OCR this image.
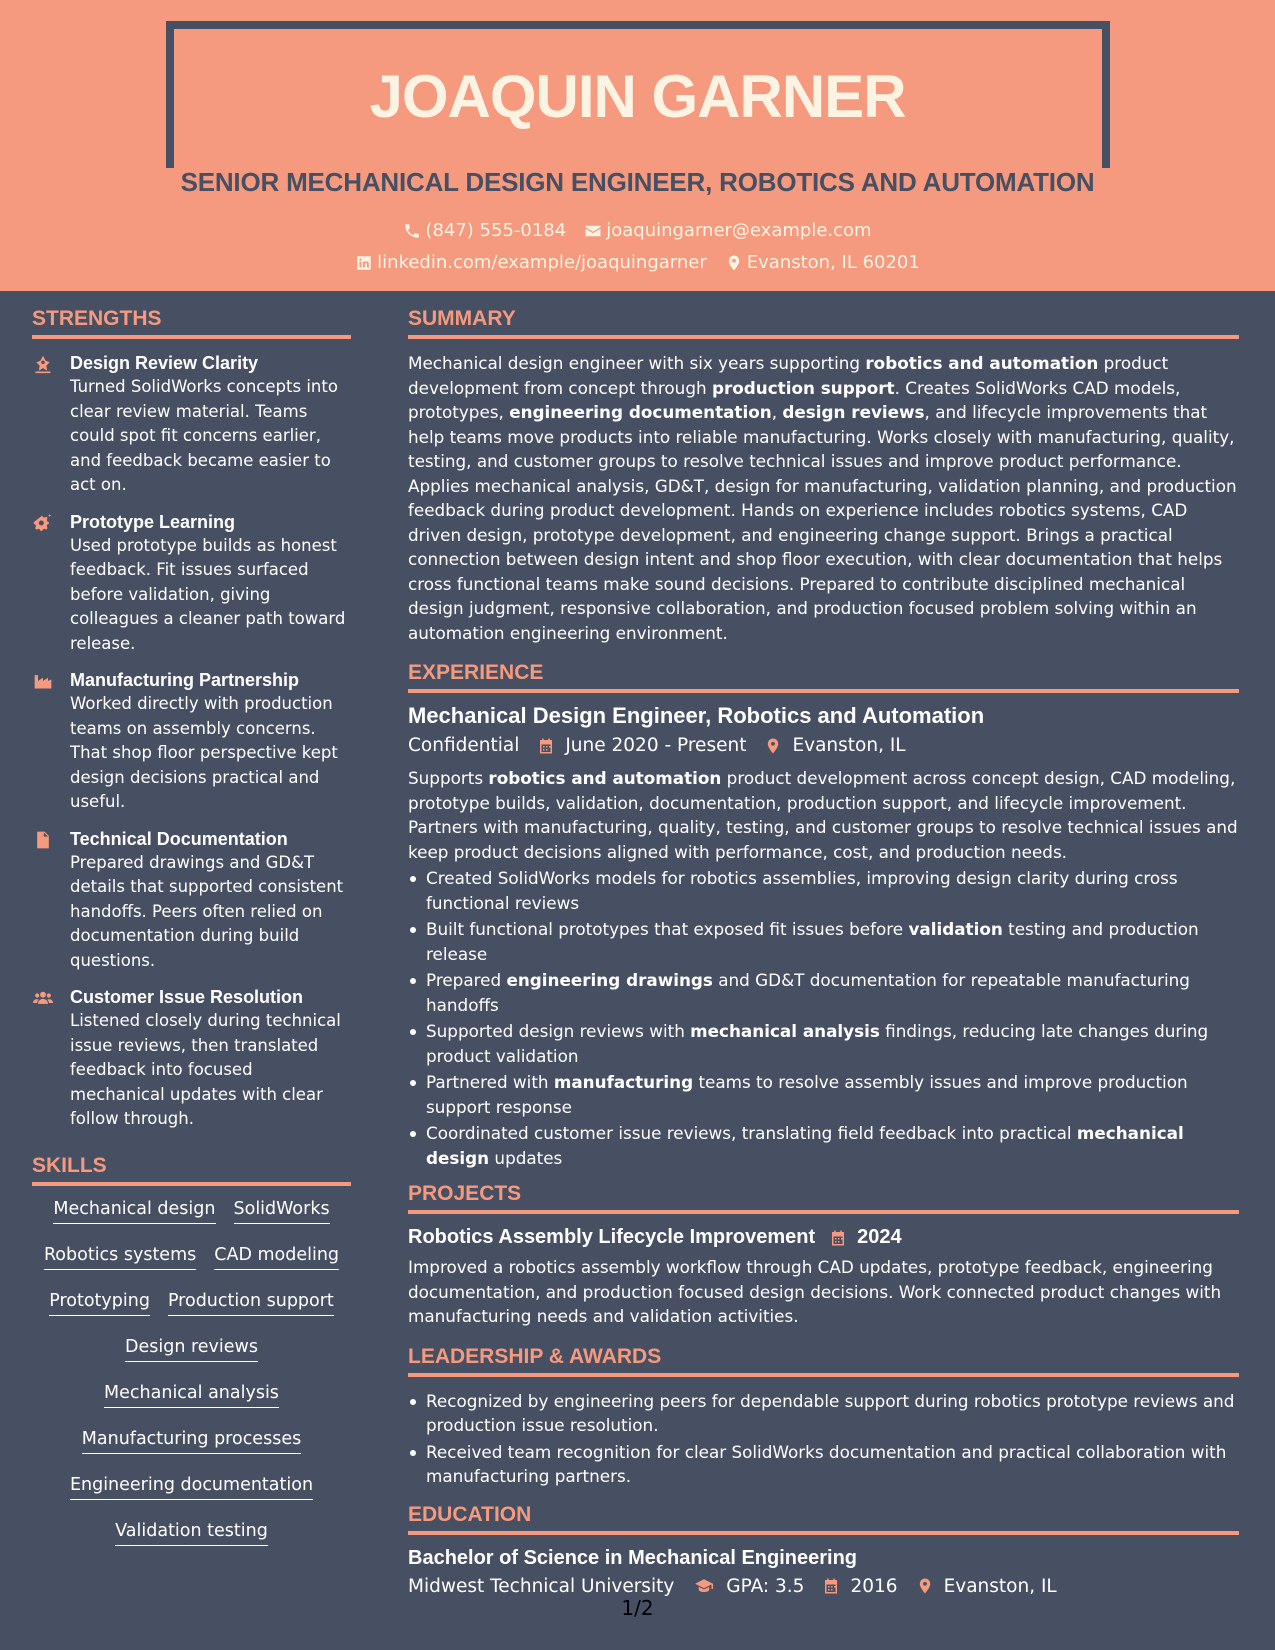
JOAQUIN GARNER
SENIOR MECHANICAL DESIGN ENGINEER, ROBOTICS AND AUTOMATION
(847) 555-0184 joaquingarner@example.com
linkedin.com/example/joaquingarner Evanston, IL 60201
STRENGTHS
Design Review Clarity
Turned SolidWorks concepts into clear review material. Teams could spot fit concerns earlier, and feedback became easier to act on.
Prototype Learning
Used prototype builds as honest feedback. Fit issues surfaced before validation, giving colleagues a cleaner path toward release.
Manufacturing Partnership
Worked directly with production teams on assembly concerns. That shop floor perspective kept design decisions practical and useful.
Technical Documentation
Prepared drawings and GD&T details that supported consistent handoffs. Peers often relied on documentation during build questions.
Customer Issue Resolution
Listened closely during technical issue reviews, then translated feedback into focused mechanical updates with clear follow through.
SKILLS
Mechanical design SolidWorks
Robotics systems CAD modeling
Prototyping Production support
Design reviews
Mechanical analysis
Manufacturing processes
Engineering documentation
Validation testing
SUMMARY

Mechanical design engineer with six years supporting robotics and automation product development from concept through production support. Creates SolidWorks CAD models, prototypes, engineering documentation, design reviews, and lifecycle improvements that help teams move products into reliable manufacturing. Works closely with manufacturing, quality, testing, and customer groups to resolve technical issues and improve product performance. Applies mechanical analysis, GD&T, design for manufacturing, validation planning, and production feedback during product development. Hands on experience includes robotics systems, CAD driven design, prototype development, and engineering change support. Brings a practical connection between design intent and shop floor execution, with clear documentation that helps cross functional teams make sound decisions. Prepared to contribute disciplined mechanical design judgment, responsive collaboration, and production focused problem solving within an automation engineering environment.

EXPERIENCE
Mechanical Design Engineer, Robotics and Automation
Confidential June 2020 - Present Evanston, IL

Supports robotics and automation product development across concept design, CAD modeling, prototype builds, validation, documentation, production support, and lifecycle improvement. Partners with manufacturing, quality, testing, and customer groups to resolve technical issues and keep product decisions aligned with performance, cost, and production needs.

Created SolidWorks models for robotics assemblies, improving design clarity during cross functional reviews
Built functional prototypes that exposed fit issues before validation testing and production release
Prepared engineering drawings and GD&T documentation for repeatable manufacturing handoffs
Supported design reviews with mechanical analysis findings, reducing late changes during product validation
Partnered with manufacturing teams to resolve assembly issues and improve production support response
Coordinated customer issue reviews, translating field feedback into practical mechanical design updates
PROJECTS
Robotics Assembly Lifecycle Improvement 2024

Improved a robotics assembly workflow through CAD updates, prototype feedback, engineering documentation, and production focused design decisions. Work connected product changes with manufacturing needs and validation activities.

LEADERSHIP & AWARDS
Recognized by engineering peers for dependable support during robotics prototype reviews and production issue resolution.
Received team recognition for clear SolidWorks documentation and practical collaboration with manufacturing partners.
EDUCATION
Bachelor of Science in Mechanical Engineering
Midwest Technical University	GPA: 3.5 2016 Evanston, IL
1/2
